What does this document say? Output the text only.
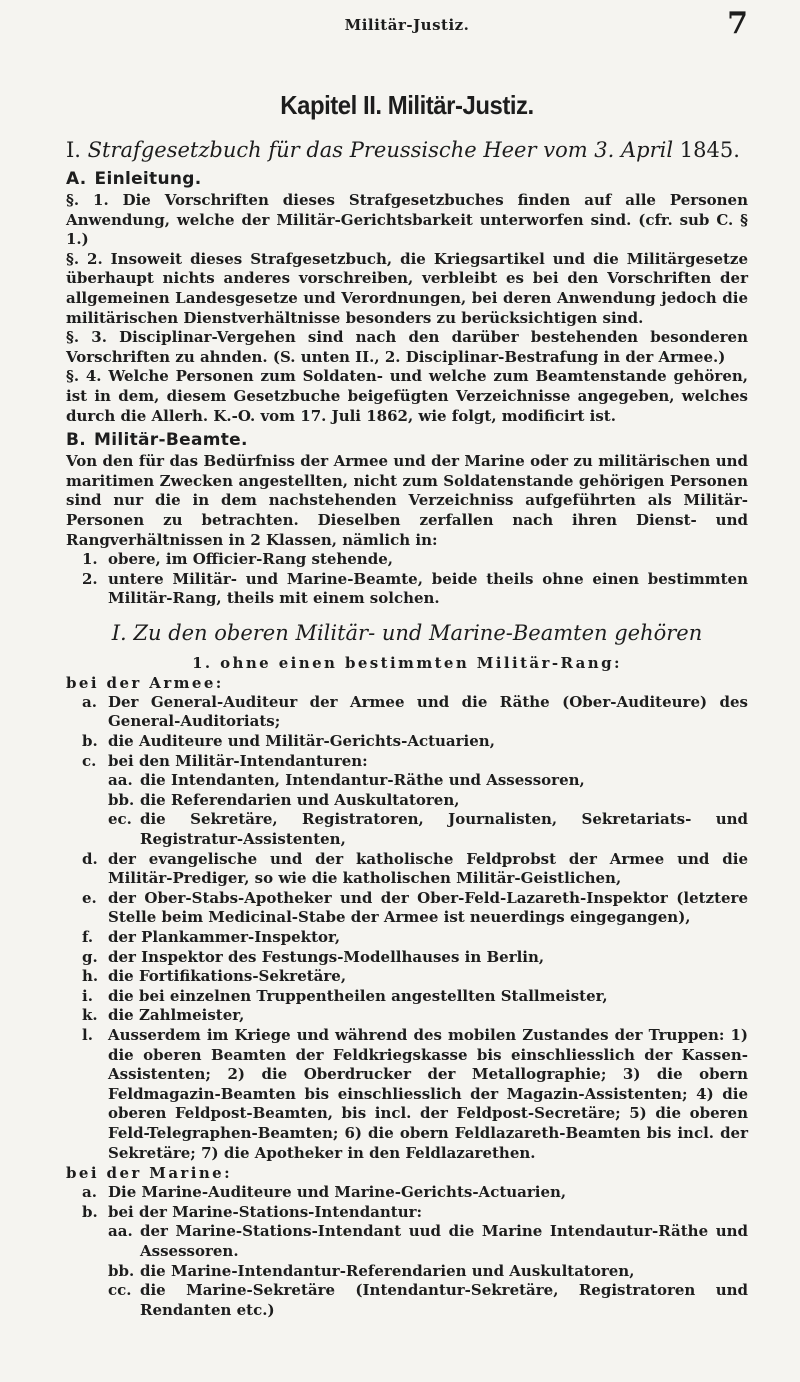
Militär-Justiz.	7
Kapitel II. Militär-Justiz.
I. Strafgesetzbuch für das Preussische Heer vom 3. April 1845.
A. Einleitung.

§. 1. Die Vorschriften dieses Strafgesetzbuches finden auf alle Personen Anwendung, welche der Militär-Gerichtsbarkeit unterworfen sind. (cfr. sub C. § 1.)

§. 2. Insoweit dieses Strafgesetzbuch, die Kriegsartikel und die Militärgesetze überhaupt nichts anderes vorschreiben, verbleibt es bei den Vorschriften der allgemeinen Landesgesetze und Verordnungen, bei deren Anwendung jedoch die militärischen Dienstverhältnisse besonders zu berücksichtigen sind.

§. 3. Disciplinar-Vergehen sind nach den darüber bestehenden besonderen Vorschriften zu ahnden. (S. unten II., 2. Disciplinar-Bestrafung in der Armee.)

§. 4. Welche Personen zum Soldaten- und welche zum Beamtenstande gehören, ist in dem, diesem Gesetzbuche beigefügten Verzeichnisse angegeben, welches durch die Allerh. K.-O. vom 17. Juli 1862, wie folgt, modificirt ist.

B. Militär-Beamte.

Von den für das Bedürfniss der Armee und der Marine oder zu militärischen und maritimen Zwecken angestellten, nicht zum Soldatenstande gehörigen Personen sind nur die in dem nachstehenden Verzeichniss aufgeführten als Militär-Personen zu betrachten. Dieselben zerfallen nach ihren Dienst- und Rangverhältnissen in 2 Klassen, nämlich in:

1. obere, im Officier-Rang stehende,
2. untere Militär- und Marine-Beamte, beide theils ohne einen bestimmten Militär-Rang, theils mit einem solchen.
I. Zu den oberen Militär- und Marine-Beamten gehören
1. ohne einen bestimmten Militär-Rang:
bei der Armee:
a. Der General-Auditeur der Armee und die Räthe (Ober-Auditeure) des General-Auditoriats;
b. die Auditeure und Militär-Gerichts-Actuarien,
c. bei den Militär-Intendanturen:
aa. die Intendanten, Intendantur-Räthe und Assessoren,
bb. die Referendarien und Auskultatoren,
ec. die Sekretäre, Registratoren, Journalisten, Sekretariats- und Registratur-Assistenten,
d. der evangelische und der katholische Feldprobst der Armee und die Militär-Prediger, so wie die katholischen Militär-Geistlichen,
e. der Ober-Stabs-Apotheker und der Ober-Feld-Lazareth-Inspektor (letztere Stelle beim Medicinal-Stabe der Armee ist neuerdings eingegangen),
f. der Plankammer-Inspektor,
g. der Inspektor des Festungs-Modellhauses in Berlin,
h. die Fortifikations-Sekretäre,
i. die bei einzelnen Truppentheilen angestellten Stallmeister,
k. die Zahlmeister,
l. Ausserdem im Kriege und während des mobilen Zustandes der Truppen: 1) die oberen Beamten der Feldkriegskasse bis einschliesslich der Kassen-Assistenten; 2) die Oberdrucker der Metallographie; 3) die obern Feldmagazin-Beamten bis einschliesslich der Magazin-Assistenten; 4) die oberen Feldpost-Beamten, bis incl. der Feldpost-Secretäre; 5) die oberen Feld-Telegraphen-Beamten; 6) die obern Feldlazareth-Beamten bis incl. der Sekretäre; 7) die Apotheker in den Feldlazarethen.
bei der Marine:
a. Die Marine-Auditeure und Marine-Gerichts-Actuarien,
b. bei der Marine-Stations-Intendantur:
aa. der Marine-Stations-Intendant uud die Marine Intendautur-Räthe und Assessoren.
bb. die Marine-Intendantur-Referendarien und Auskultatoren,
cc. die Marine-Sekretäre (Intendantur-Sekretäre, Registratoren und Rendanten etc.)
